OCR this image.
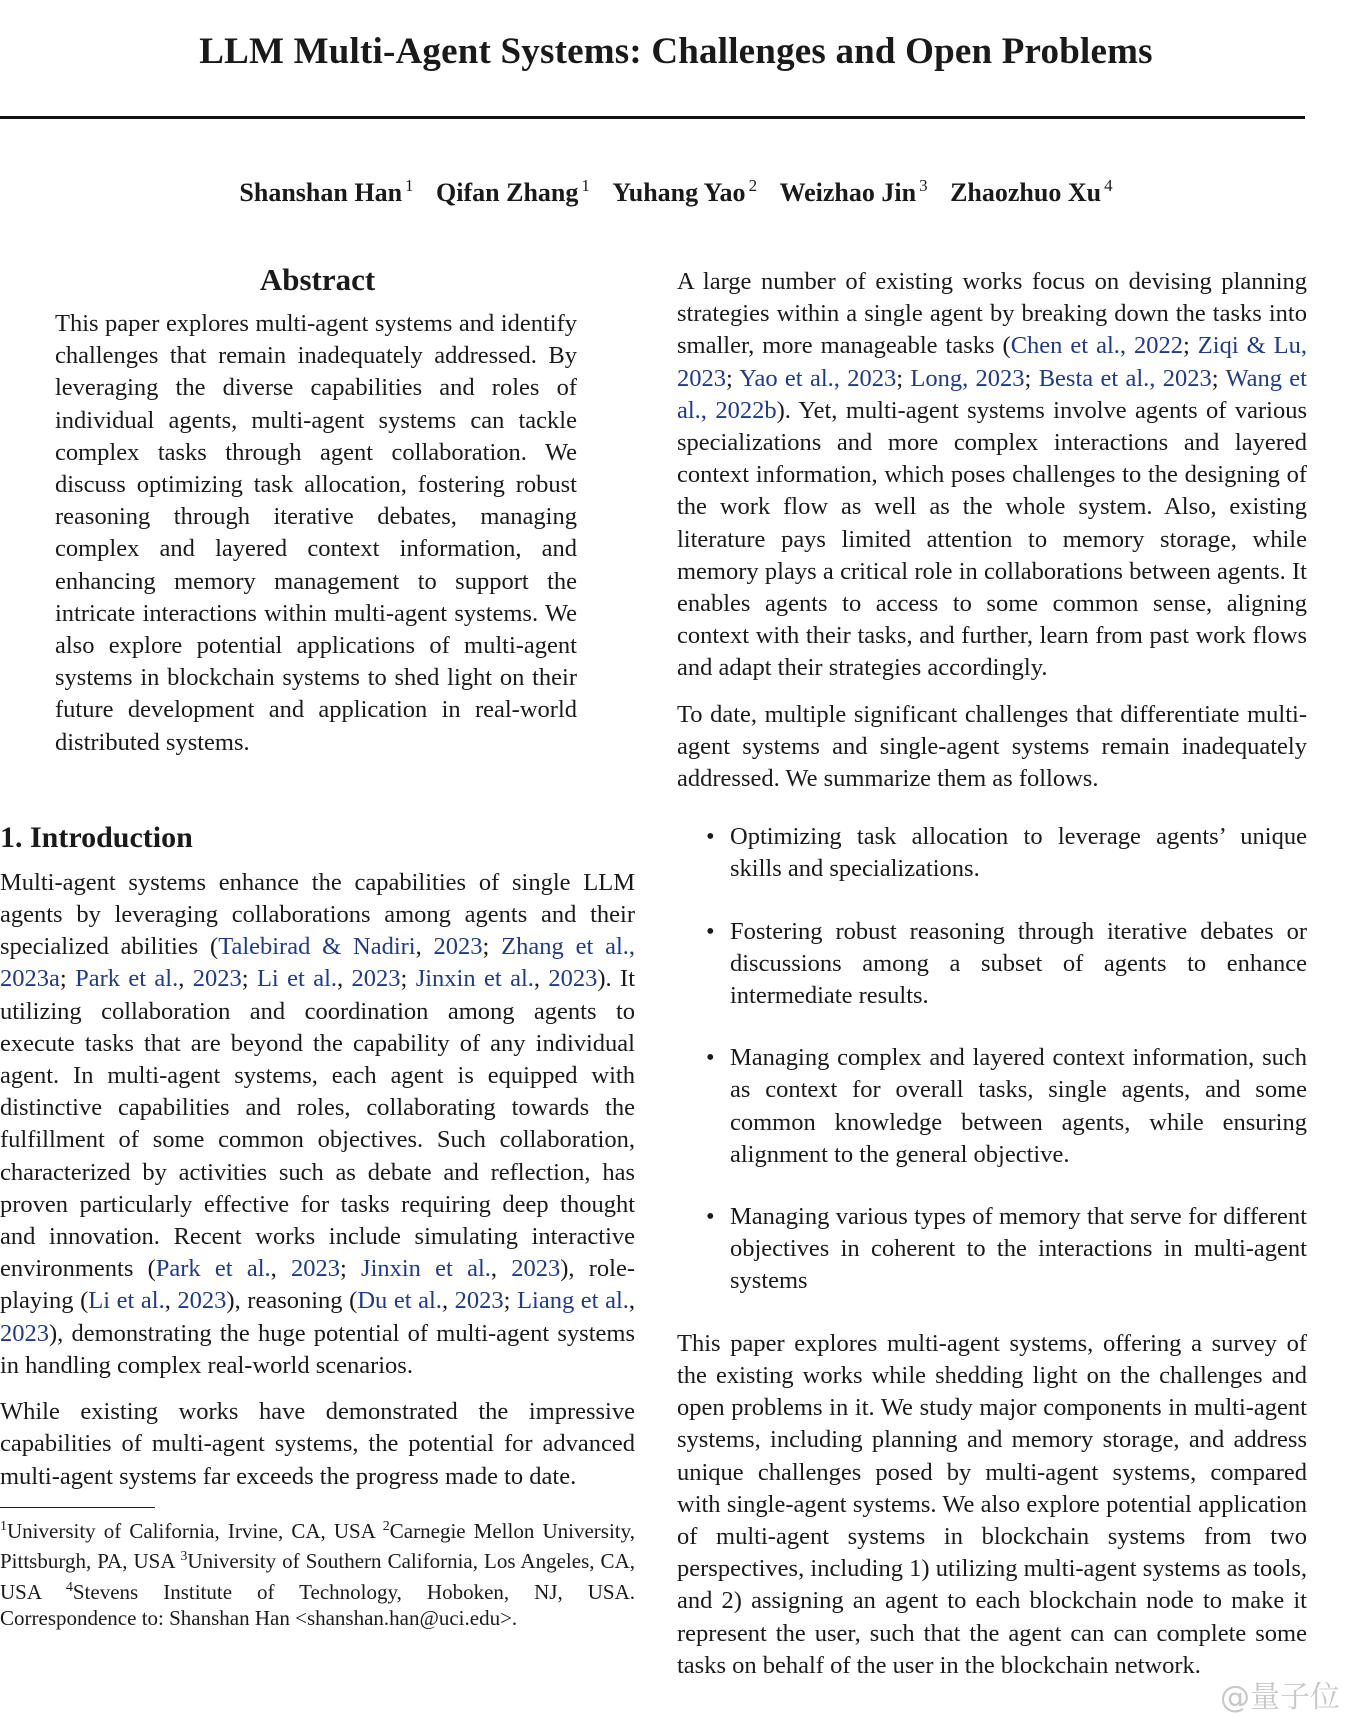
LLM Multi-Agent Systems: Challenges and Open Problems
Shanshan Han $^1$ Qifan Zhang $^1$ Yuhang Yao $^2$ Weizhao Jin $^3$ Zhaozhuo Xu $^4$
Abstract

This paper explores multi-agent systems and identify challenges that remain inadequately addressed. By leveraging the diverse capabilities and roles of individual agents, multi-agent systems can tackle complex tasks through agent collaboration. We discuss optimizing task allocation, fostering robust reasoning through iterative debates, managing complex and layered context information, and enhancing memory management to support the intricate interactions within multi-agent systems. We also explore potential applications of multi-agent systems in blockchain systems to shed light on their future development and application in real-world distributed systems.

1. Introduction

Multi-agent systems enhance the capabilities of single LLM agents by leveraging collaborations among agents and their specialized abilities (Talebirad & Nadiri, 2023; Zhang et al., 2023a; Park et al., 2023; Li et al., 2023; Jinxin et al., 2023). It utilizing collaboration and coordination among agents to execute tasks that are beyond the capability of any individual agent. In multi-agent systems, each agent is equipped with distinctive capabilities and roles, collaborating towards the fulfillment of some common objectives. Such collaboration, characterized by activities such as debate and reflection, has proven particularly effective for tasks requiring deep thought and innovation. Recent works include simulating interactive environments (Park et al., 2023; Jinxin et al., 2023), role-playing (Li et al., 2023), reasoning (Du et al., 2023; Liang et al., 2023), demonstrating the huge potential of multi-agent systems in handling complex real-world scenarios.

While existing works have demonstrated the impressive capabilities of multi-agent systems, the potential for advanced multi-agent systems far exceeds the progress made to date.

$^1$University of California, Irvine, CA, USA $^2$Carnegie Mellon University, Pittsburgh, PA, USA $^3$University of Southern California, Los Angeles, CA, USA $^4$Stevens Institute of Technology, Hoboken, NJ, USA. Correspondence to: Shanshan Han <shanshan.han@uci.edu>.

A large number of existing works focus on devising planning strategies within a single agent by breaking down the tasks into smaller, more manageable tasks (Chen et al., 2022; Ziqi & Lu, 2023; Yao et al., 2023; Long, 2023; Besta et al., 2023; Wang et al., 2022b). Yet, multi-agent systems involve agents of various specializations and more complex interactions and layered context information, which poses challenges to the designing of the work flow as well as the whole system. Also, existing literature pays limited attention to memory storage, while memory plays a critical role in collaborations between agents. It enables agents to access to some common sense, aligning context with their tasks, and further, learn from past work flows and adapt their strategies accordingly.

To date, multiple significant challenges that differentiate multi-agent systems and single-agent systems remain inadequately addressed. We summarize them as follows.

• Optimizing task allocation to leverage agents’ unique skills and specializations.
• Fostering robust reasoning through iterative debates or discussions among a subset of agents to enhance intermediate results.
• Managing complex and layered context information, such as context for overall tasks, single agents, and some common knowledge between agents, while ensuring alignment to the general objective.
• Managing various types of memory that serve for different objectives in coherent to the interactions in multi-agent systems

This paper explores multi-agent systems, offering a survey of the existing works while shedding light on the challenges and open problems in it. We study major components in multi-agent systems, including planning and memory storage, and address unique challenges posed by multi-agent systems, compared with single-agent systems. We also explore potential application of multi-agent systems in blockchain systems from two perspectives, including 1) utilizing multi-agent systems as tools, and 2) assigning an agent to each blockchain node to make it represent the user, such that the agent can can complete some tasks on behalf of the user in the blockchain network.

@量子位
